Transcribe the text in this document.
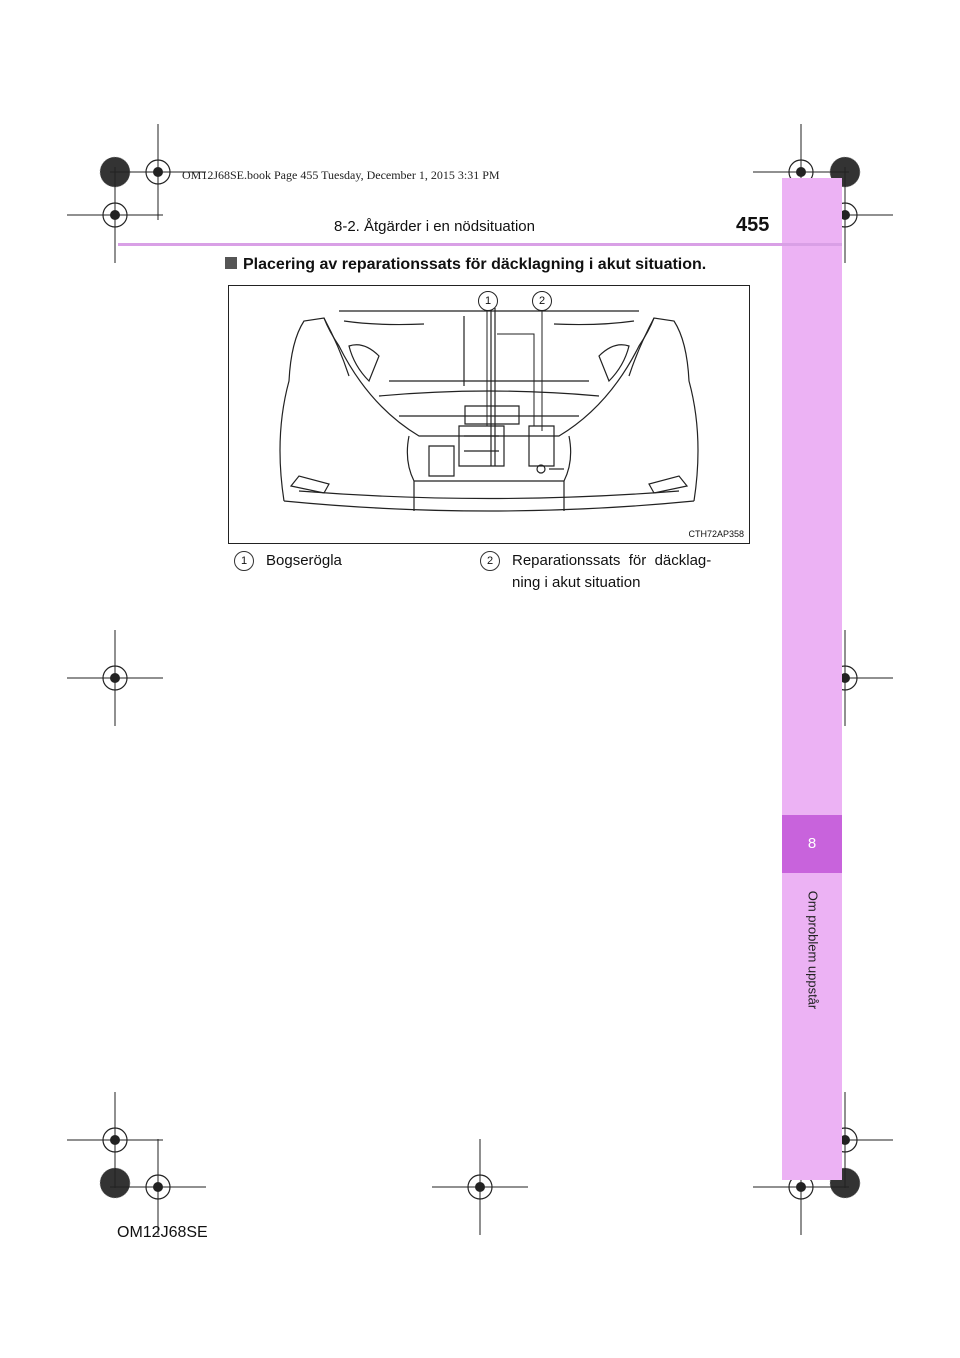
OM12J68SE.book Page 455 Tuesday, December 1, 2015 3:31 PM
8
Om problem uppstår
8-2. Åtgärder i en nödsituation	455
Placering av reparationssats för däcklagning i akut situation.
1	2
CTH72AP358
1 Bogserögla	2 Reparationssats  för  däcklag-
ning i akut situation
OM12J68SE
